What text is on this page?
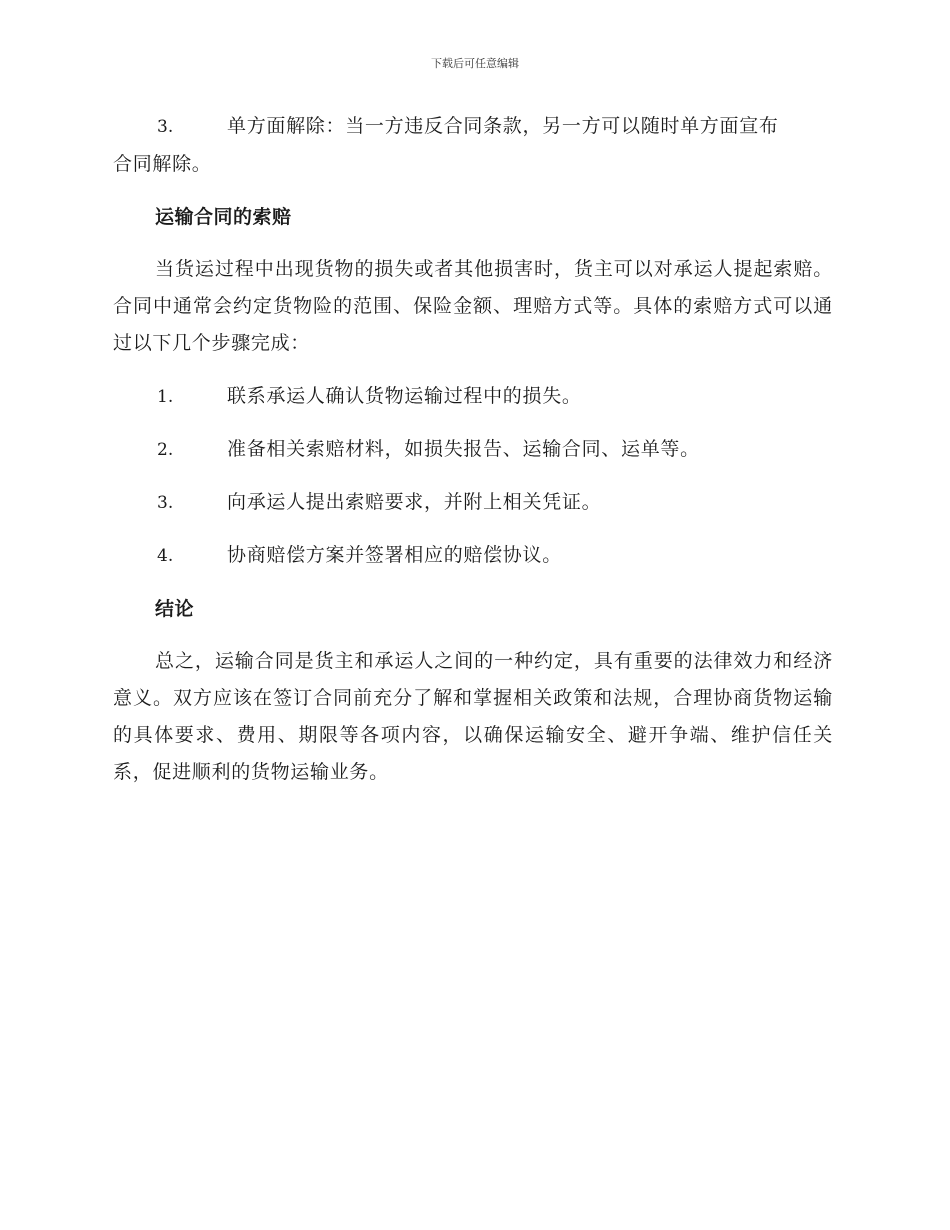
下载后可任意编辑
3.	单方面解除：当一方违反合同条款，另一方可以随时单方面宣布
合同解除。
运输合同的索赔

当货运过程中出现货物的损失或者其他损害时，货主可以对承运人提起索赔。合同中通常会约定货物险的范围、保险金额、理赔方式等。具体的索赔方式可以通过以下几个步骤完成：

1.	联系承运人确认货物运输过程中的损失。
2.	准备相关索赔材料，如损失报告、运输合同、运单等。
3.	向承运人提出索赔要求，并附上相关凭证。
4.	协商赔偿方案并签署相应的赔偿协议。
结论

总之，运输合同是货主和承运人之间的一种约定，具有重要的法律效力和经济意义。双方应该在签订合同前充分了解和掌握相关政策和法规，合理协商货物运输的具体要求、费用、期限等各项内容，以确保运输安全、避开争端、维护信任关系，促进顺利的货物运输业务。
